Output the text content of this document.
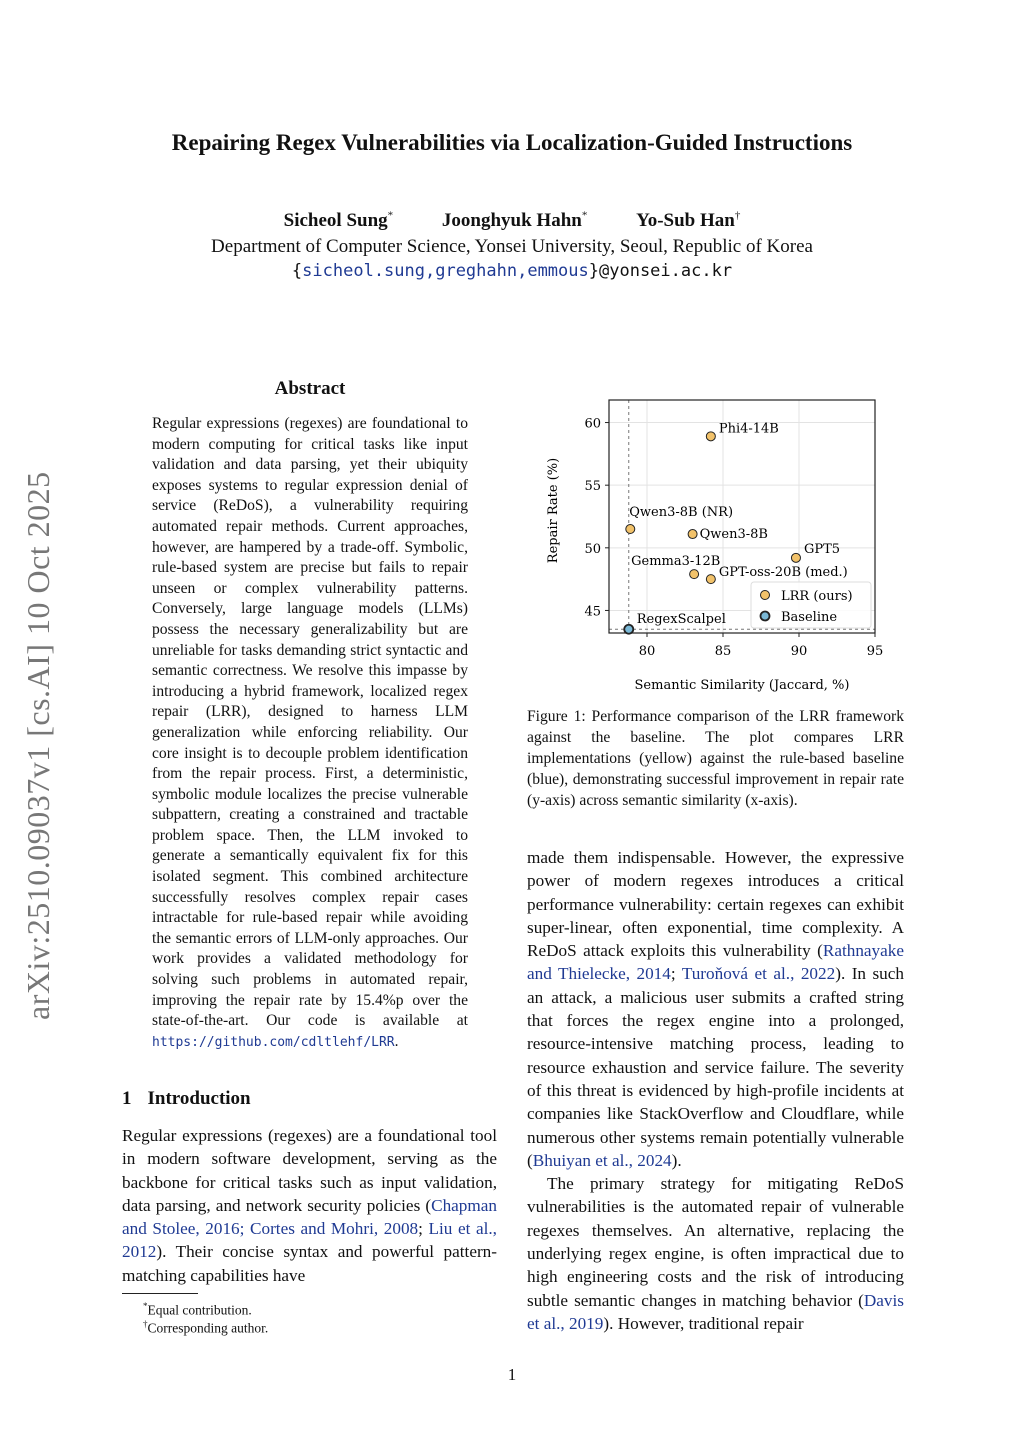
Repairing Regex Vulnerabilities via Localization-Guided Instructions
Sicheol Sung*	Joonghyuk Hahn*	Yo-Sub Han†
Department of Computer Science, Yonsei University, Seoul, Republic of Korea
{sicheol.sung,greghahn,emmous}@yonsei.ac.kr
arXiv:2510.09037v1 [cs.AI] 10 Oct 2025
Abstract
Regular expressions (regexes) are foundational to modern computing for critical tasks like input validation and data parsing, yet their ubiquity exposes systems to regular expression denial of service (ReDoS), a vulnerability requiring automated repair methods. Current approaches, however, are hampered by a trade-off. Symbolic, rule-based system are precise but fails to repair unseen or complex vulnerability patterns. Conversely, large language models (LLMs) possess the necessary generalizability but are unreliable for tasks demanding strict syntactic and semantic correctness. We resolve this impasse by introducing a hybrid framework, localized regex repair (LRR), designed to harness LLM generalization while enforcing reliability. Our core insight is to decouple problem identification from the repair process. First, a deterministic, symbolic module localizes the precise vulnerable subpattern, creating a constrained and tractable problem space. Then, the LLM invoked to generate a semantically equivalent fix for this isolated segment. This combined architecture successfully resolves complex repair cases intractable for rule-based repair while avoiding the semantic errors of LLM-only approaches. Our work provides a validated methodology for solving such problems in automated repair, improving the repair rate by 15.4%p over the state-of-the-art. Our code is available at https://github.com/cdltlehf/LRR.
1 Introduction
Regular expressions (regexes) are a foundational tool in modern software development, serving as the backbone for critical tasks such as input validation, data parsing, and network security policies (Chapman and Stolee, 2016; Cortes and Mohri, 2008; Liu et al., 2012). Their concise syntax and powerful pattern-matching capabilities have
*Equal contribution.
†Corresponding author.
80	85	90	95
45
50
55
60
Semantic Similarity (Jaccard, %)
Repair Rate (%)
Phi4-14B
Qwen3-8B (NR)
Qwen3-8B
GPT5
Gemma3-12B
GPT-oss-20B (med.)
RegexScalpel
LRR (ours)
Baseline
Figure 1: Performance comparison of the LRR framework against the baseline. The plot compares LRR implementations (yellow) against the rule-based baseline (blue), demonstrating successful improvement in repair rate (y-axis) across semantic similarity (x-axis).

made them indispensable. However, the expressive power of modern regexes introduces a critical performance vulnerability: certain regexes can exhibit super-linear, often exponential, time complexity. A ReDoS attack exploits this vulnerability (Rathnayake and Thielecke, 2014; Turoňová et al., 2022). In such an attack, a malicious user submits a crafted string that forces the regex engine into a prolonged, resource-intensive matching process, leading to resource exhaustion and service failure. The severity of this threat is evidenced by high-profile incidents at companies like StackOverflow and Cloudflare, while numerous other systems remain potentially vulnerable (Bhuiyan et al., 2024).

The primary strategy for mitigating ReDoS vulnerabilities is the automated repair of vulnerable regexes themselves. An alternative, replacing the underlying regex engine, is often impractical due to high engineering costs and the risk of introducing subtle semantic changes in matching behavior (Davis et al., 2019). However, traditional repair

1
